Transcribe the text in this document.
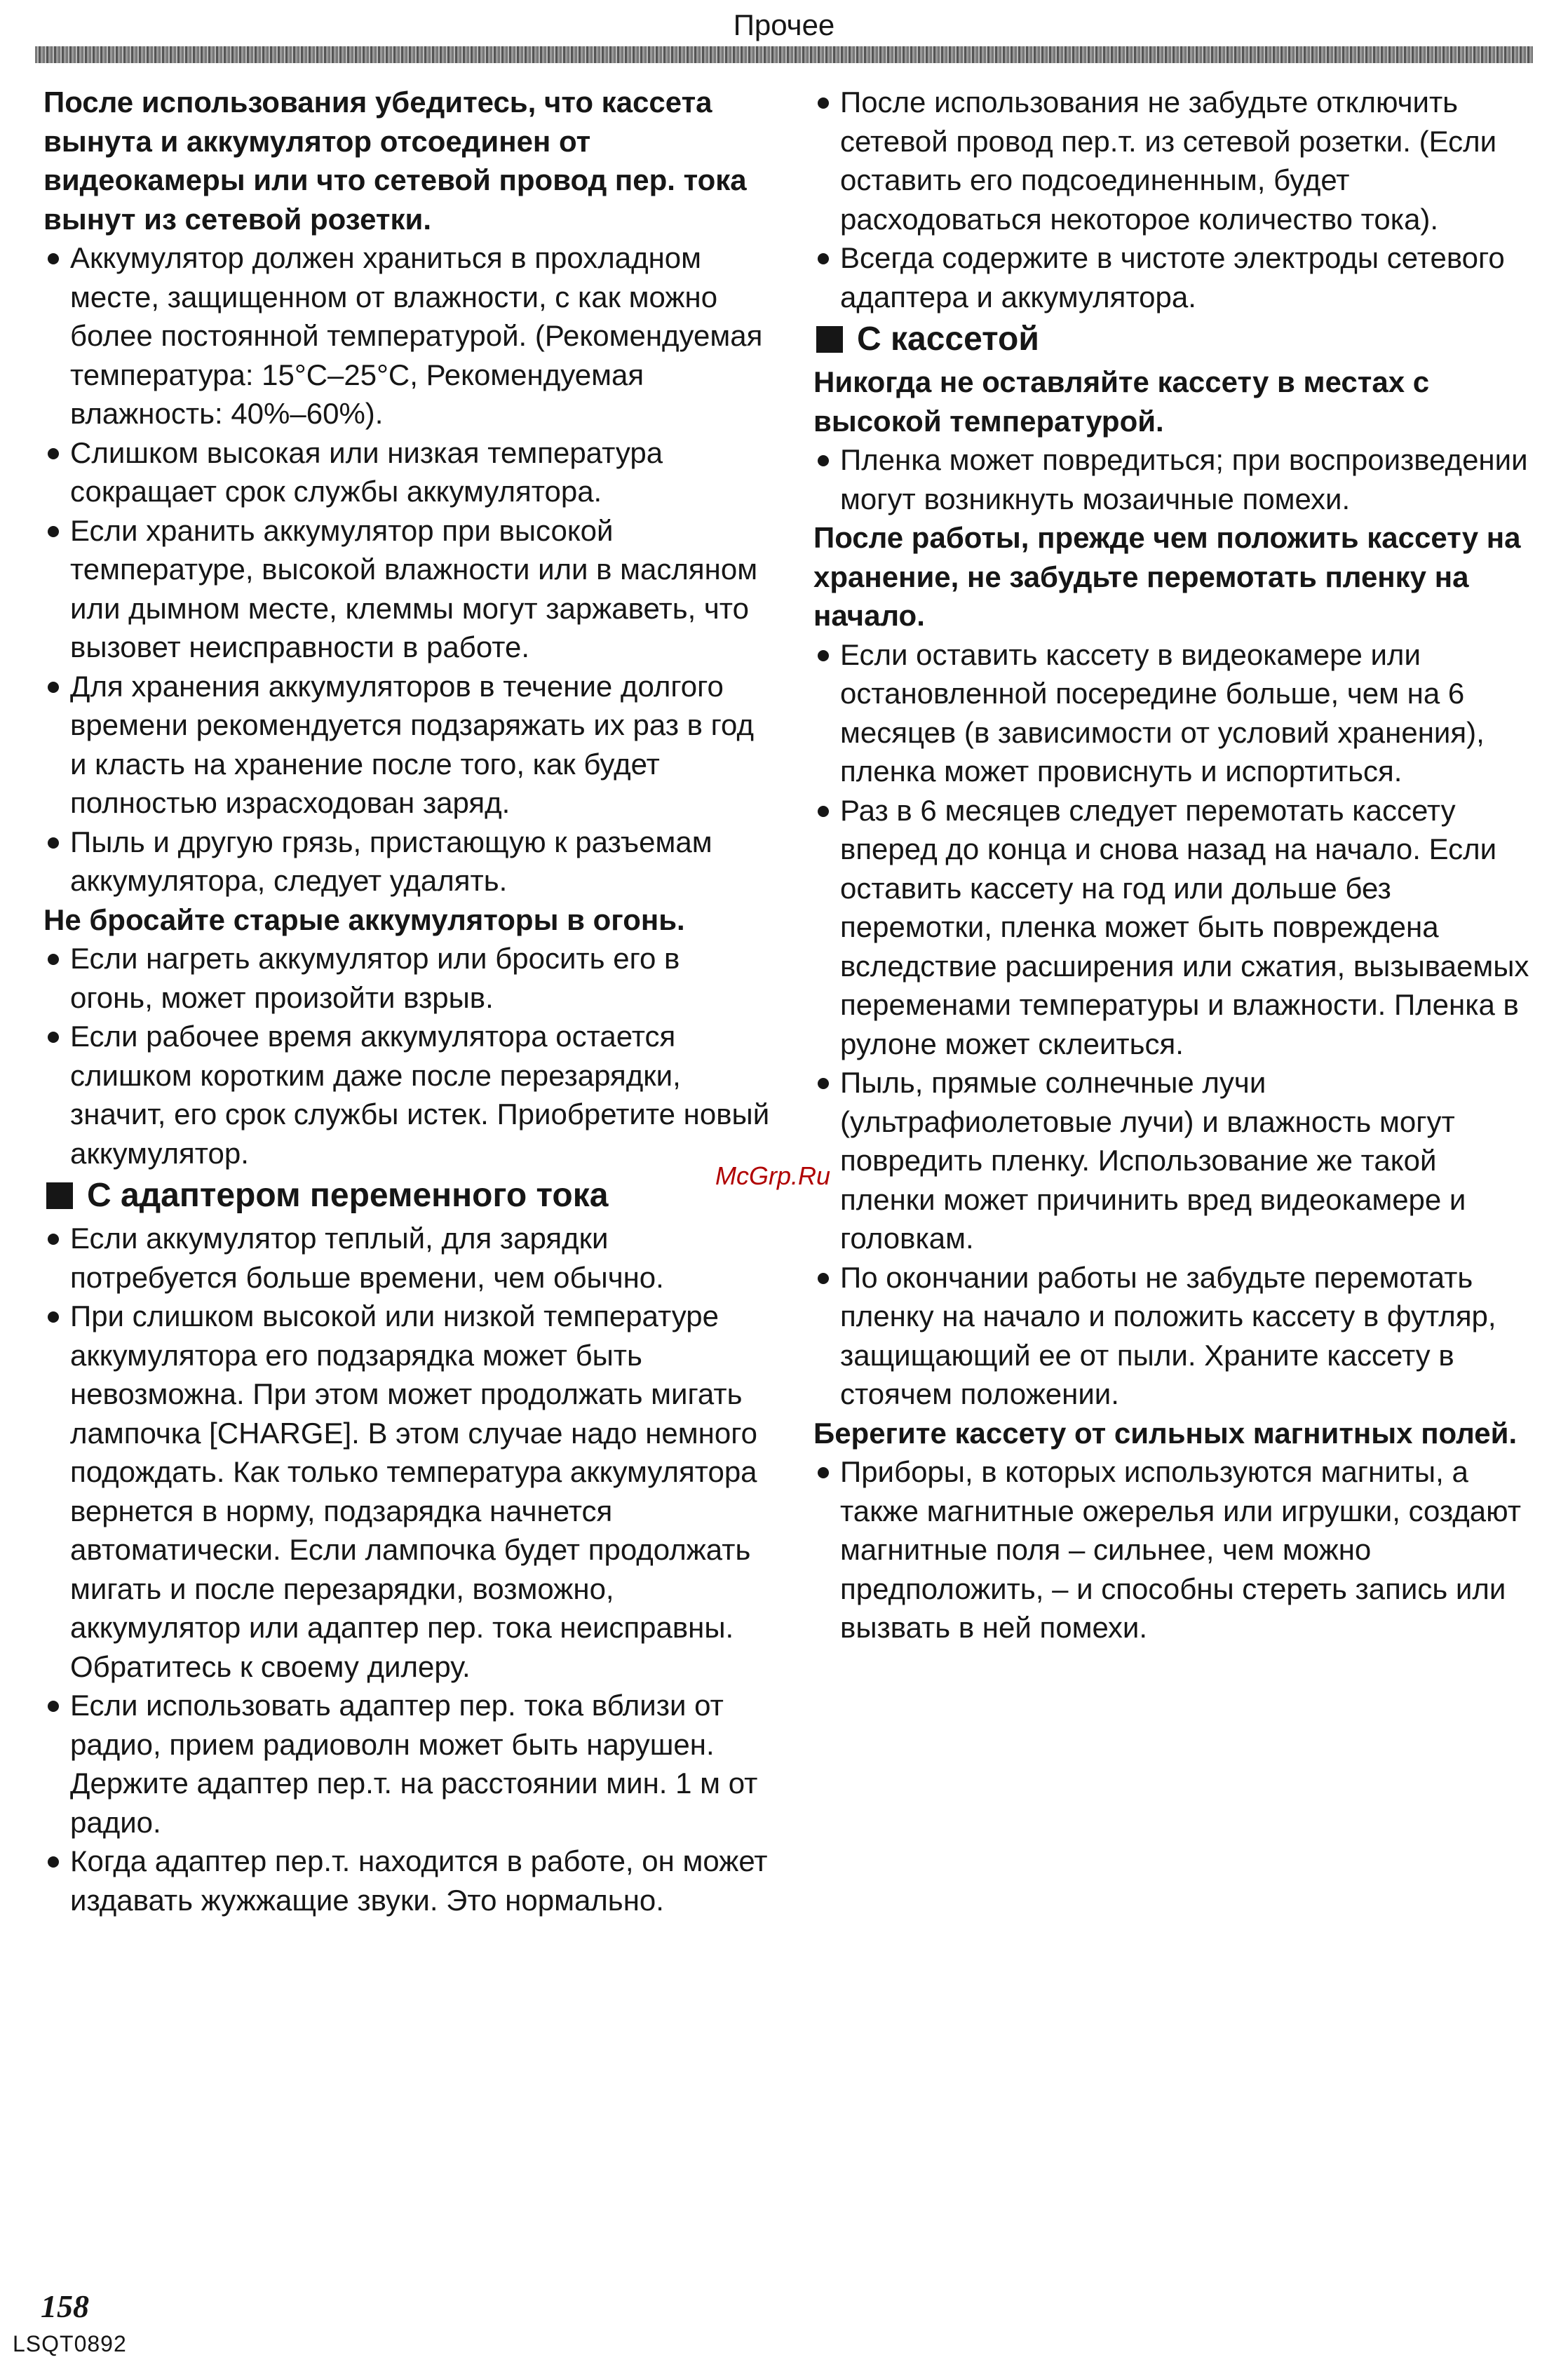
Прочее

После использования убедитесь, что кассета вынута и аккумулятор отсоединен от видеокамеры или что сетевой провод пер. тока вынут из сетевой розетки.

Аккумулятор должен храниться в прохладном месте, защищенном от влажности, с как можно более постоянной температурой. (Рекомендуемая температура: 15°C–25°C, Рекомендуемая влажность: 40%–60%).
Слишком высокая или низкая температура сокращает срок службы аккумулятора.
Если хранить аккумулятор при высокой температуре, высокой влажности или в масляном или дымном месте, клеммы могут заржаветь, что вызовет неисправности в работе.
Для хранения аккумуляторов в течение долгого времени рекомендуется подзаряжать их раз в год и класть на хранение после того, как будет полностью израсходован заряд.
Пыль и другую грязь, пристающую к разъемам аккумулятора, следует удалять.

Не бросайте старые аккумуляторы в огонь.

Если нагреть аккумулятор или бросить его в огонь, может произойти взрыв.
Если рабочее время аккумулятора остается слишком коротким даже после перезарядки, значит, его срок службы истек. Приобретите новый аккумулятор.
С адаптером переменного тока
Если аккумулятор теплый, для зарядки потребуется больше времени, чем обычно.
При слишком высокой или низкой температуре аккумулятора его подзарядка может быть невозможна. При этом может продолжать мигать лампочка [CHARGE]. В этом случае надо немного подождать. Как только температура аккумулятора вернется в норму, подзарядка начнется автоматически. Если лампочка будет продолжать мигать и после перезарядки, возможно, аккумулятор или адаптер пер. тока неисправны. Обратитесь к своему дилеру.
Если использовать адаптер пер. тока вблизи от радио, прием радиоволн может быть нарушен. Держите адаптер пер.т. на расстоянии мин. 1 м от радио.
Когда адаптер пер.т. находится в работе, он может издавать жужжащие звуки. Это нормально.
После использования не забудьте отключить сетевой провод пер.т. из сетевой розетки. (Если оставить его подсоединенным, будет расходоваться некоторое количество тока).
Всегда содержите в чистоте электроды сетевого адаптера и аккумулятора.
С кассетой

Никогда не оставляйте кассету в местах с высокой температурой.

Пленка может повредиться; при воспроизведении могут возникнуть мозаичные помехи.

После работы, прежде чем положить кассету на хранение, не забудьте перемотать пленку на начало.

Если оставить кассету в видеокамере или остановленной посередине больше, чем на 6 месяцев (в зависимости от условий хранения), пленка может провиснуть и испортиться.
Раз в 6 месяцев следует перемотать кассету вперед до конца и снова назад на начало. Если оставить кассету на год или дольше без перемотки, пленка может быть повреждена вследствие расширения или сжатия, вызываемых переменами температуры и влажности. Пленка в рулоне может склеиться.
Пыль, прямые солнечные лучи (ультрафиолетовые лучи) и влажность могут повредить пленку. Использование же такой пленки может причинить вред видеокамере и головкам.
По окончании работы не забудьте перемотать пленку на начало и положить кассету в футляр, защищающий ее от пыли. Храните кассету в стоячем положении.

Берегите кассету от сильных магнитных полей.

Приборы, в которых используются магниты, а также магнитные ожерелья или игрушки, создают магнитные поля – сильнее, чем можно предположить, – и способны стереть запись или вызвать в ней помехи.
McGrp.Ru
158
LSQT0892
